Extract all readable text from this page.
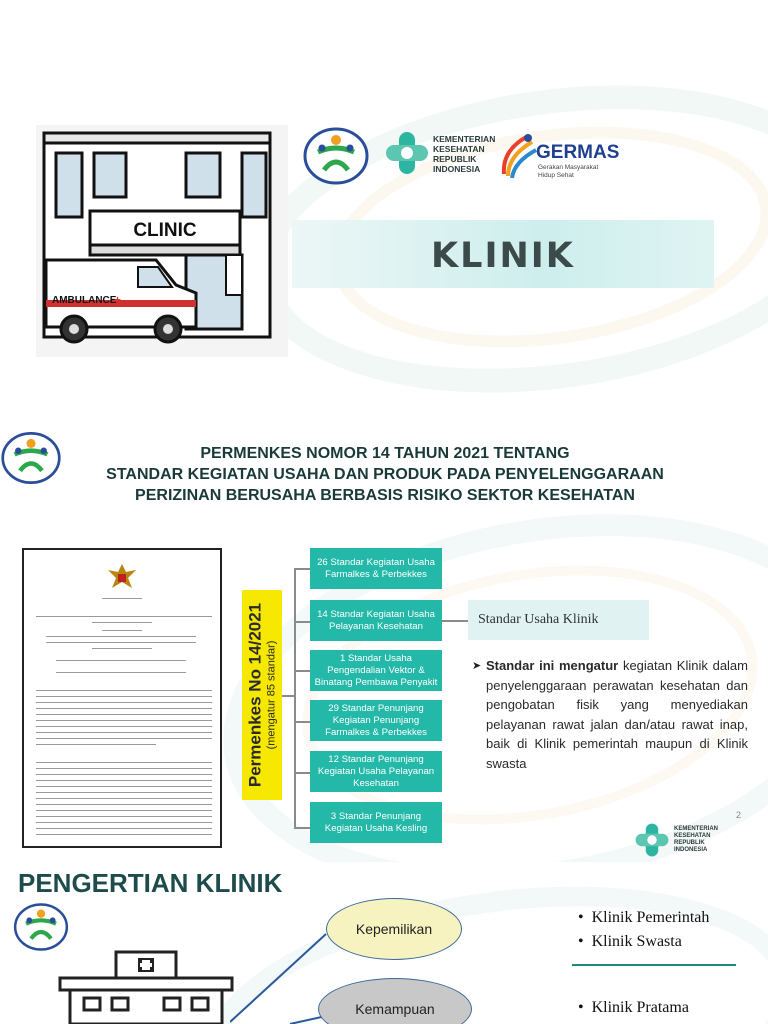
CLINIC
AMBULANCE
+
KEMENTERIAN
KESEHATAN
REPUBLIK
INDONESIA
GERMAS
Gerakan Masyarakat
Hidup Sehat
KLINIK
PERMENKES NOMOR 14 TAHUN 2021 TENTANG
STANDAR KEGIATAN USAHA DAN PRODUK PADA PENYELENGGARAAN
PERIZINAN BERUSAHA BERBASIS RISIKO SEKTOR KESEHATAN
Permenkes No 14/2021 (mengatur 85 standar)
26 Standar Kegiatan Usaha
Farmalkes & Perbekkes
14 Standar Kegiatan Usaha
Pelayanan Kesehatan
1 Standar Usaha
Pengendalian Vektor &
Binatang Pembawa Penyakit
29 Standar Penunjang
Kegiatan Penunjang
Farmalkes & Perbekkes
12 Standar Penunjang
Kegiatan Usaha Pelayanan
Kesehatan
3 Standar Penunjang
Kegiatan Usaha Kesling
Standar Usaha Klinik
➤ Standar ini mengatur kegiatan Klinik dalam penyelenggaraan perawatan kesehatan dan pengobatan fisik yang menyediakan pelayanan rawat jalan dan/atau rawat inap, baik di Klinik pemerintah maupun di Klinik swasta
KEMENTERIAN
KESEHATAN
REPUBLIK
INDONESIA
2
PENGERTIAN KLINIK
Kepemilikan
Kemampuan
•  Klinik Pemerintah
•  Klinik Swasta
•  Klinik Pratama
